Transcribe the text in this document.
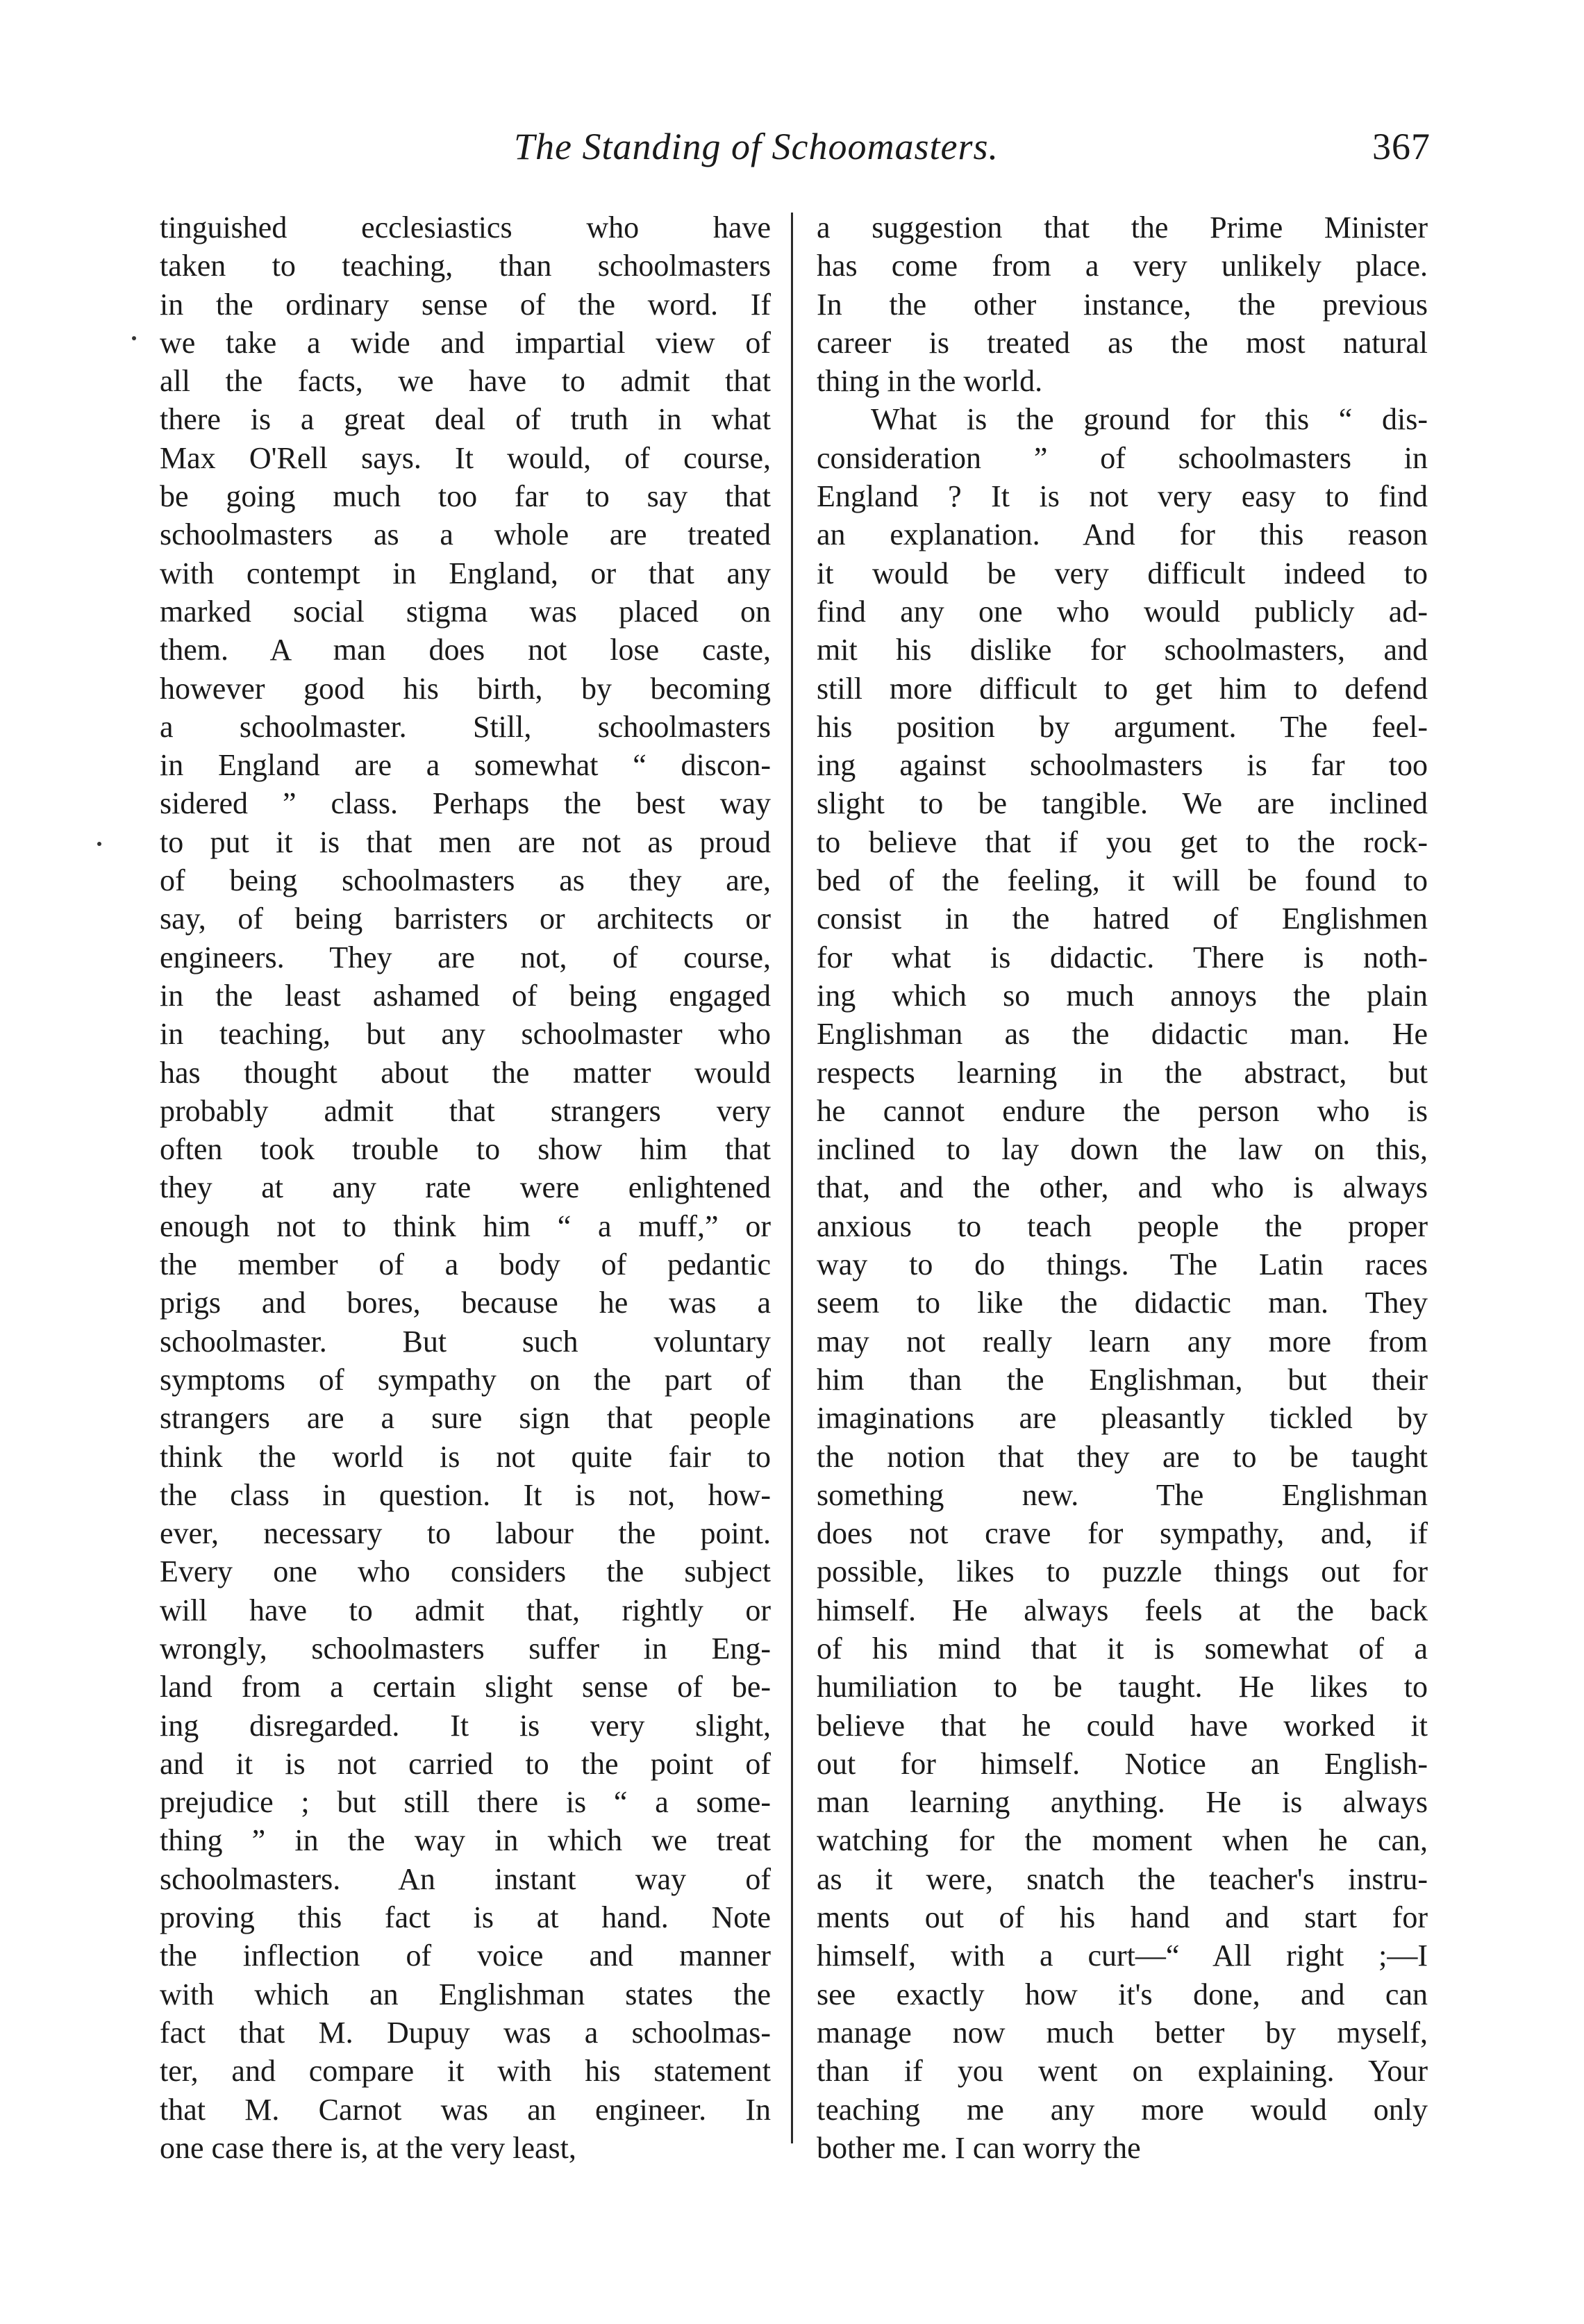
The Standing of Schoomasters.	367
tinguished ecclesiastics who have
taken to teaching, than schoolmasters
in the ordinary sense of the word. If
we take a wide and impartial view of
all the facts, we have to admit that
there is a great deal of truth in what
Max O'Rell says. It would, of course,
be going much too far to say that
schoolmasters as a whole are treated
with contempt in England, or that any
marked social stigma was placed on
them. A man does not lose caste,
however good his birth, by becoming
a schoolmaster. Still, schoolmasters
in England are a somewhat “ discon-
sidered ” class. Perhaps the best way
to put it is that men are not as proud
of being schoolmasters as they are,
say, of being barristers or architects or
engineers. They are not, of course,
in the least ashamed of being engaged
in teaching, but any schoolmaster who
has thought about the matter would
probably admit that strangers very
often took trouble to show him that
they at any rate were enlightened
enough not to think him “ a muff,” or
the member of a body of pedantic
prigs and bores, because he was a
schoolmaster. But such voluntary
symptoms of sympathy on the part of
strangers are a sure sign that people
think the world is not quite fair to
the class in question. It is not, how-
ever, necessary to labour the point.
Every one who considers the subject
will have to admit that, rightly or
wrongly, schoolmasters suffer in Eng-
land from a certain slight sense of be-
ing disregarded. It is very slight,
and it is not carried to the point of
prejudice ; but still there is “ a some-
thing ” in the way in which we treat
schoolmasters. An instant way of
proving this fact is at hand. Note
the inflection of voice and manner
with which an Englishman states the
fact that M. Dupuy was a schoolmas-
ter, and compare it with his statement
that M. Carnot was an engineer. In
one case there is, at the very least,
a suggestion that the Prime Minister
has come from a very unlikely place.
In the other instance, the previous
career is treated as the most natural
thing in the world.
What is the ground for this “ dis-
consideration ” of schoolmasters in
England ? It is not very easy to find
an explanation. And for this reason
it would be very difficult indeed to
find any one who would publicly ad-
mit his dislike for schoolmasters, and
still more difficult to get him to defend
his position by argument. The feel-
ing against schoolmasters is far too
slight to be tangible. We are inclined
to believe that if you get to the rock-
bed of the feeling, it will be found to
consist in the hatred of Englishmen
for what is didactic. There is noth-
ing which so much annoys the plain
Englishman as the didactic man. He
respects learning in the abstract, but
he cannot endure the person who is
inclined to lay down the law on this,
that, and the other, and who is always
anxious to teach people the proper
way to do things. The Latin races
seem to like the didactic man. They
may not really learn any more from
him than the Englishman, but their
imaginations are pleasantly tickled by
the notion that they are to be taught
something new. The Englishman
does not crave for sympathy, and, if
possible, likes to puzzle things out for
himself. He always feels at the back
of his mind that it is somewhat of a
humiliation to be taught. He likes to
believe that he could have worked it
out for himself. Notice an English-
man learning anything. He is always
watching for the moment when he can,
as it were, snatch the teacher's instru-
ments out of his hand and start for
himself, with a curt—“ All right ;—I
see exactly how it's done, and can
manage now much better by myself,
than if you went on explaining. Your
teaching me any more would only
bother me. I can worry the
